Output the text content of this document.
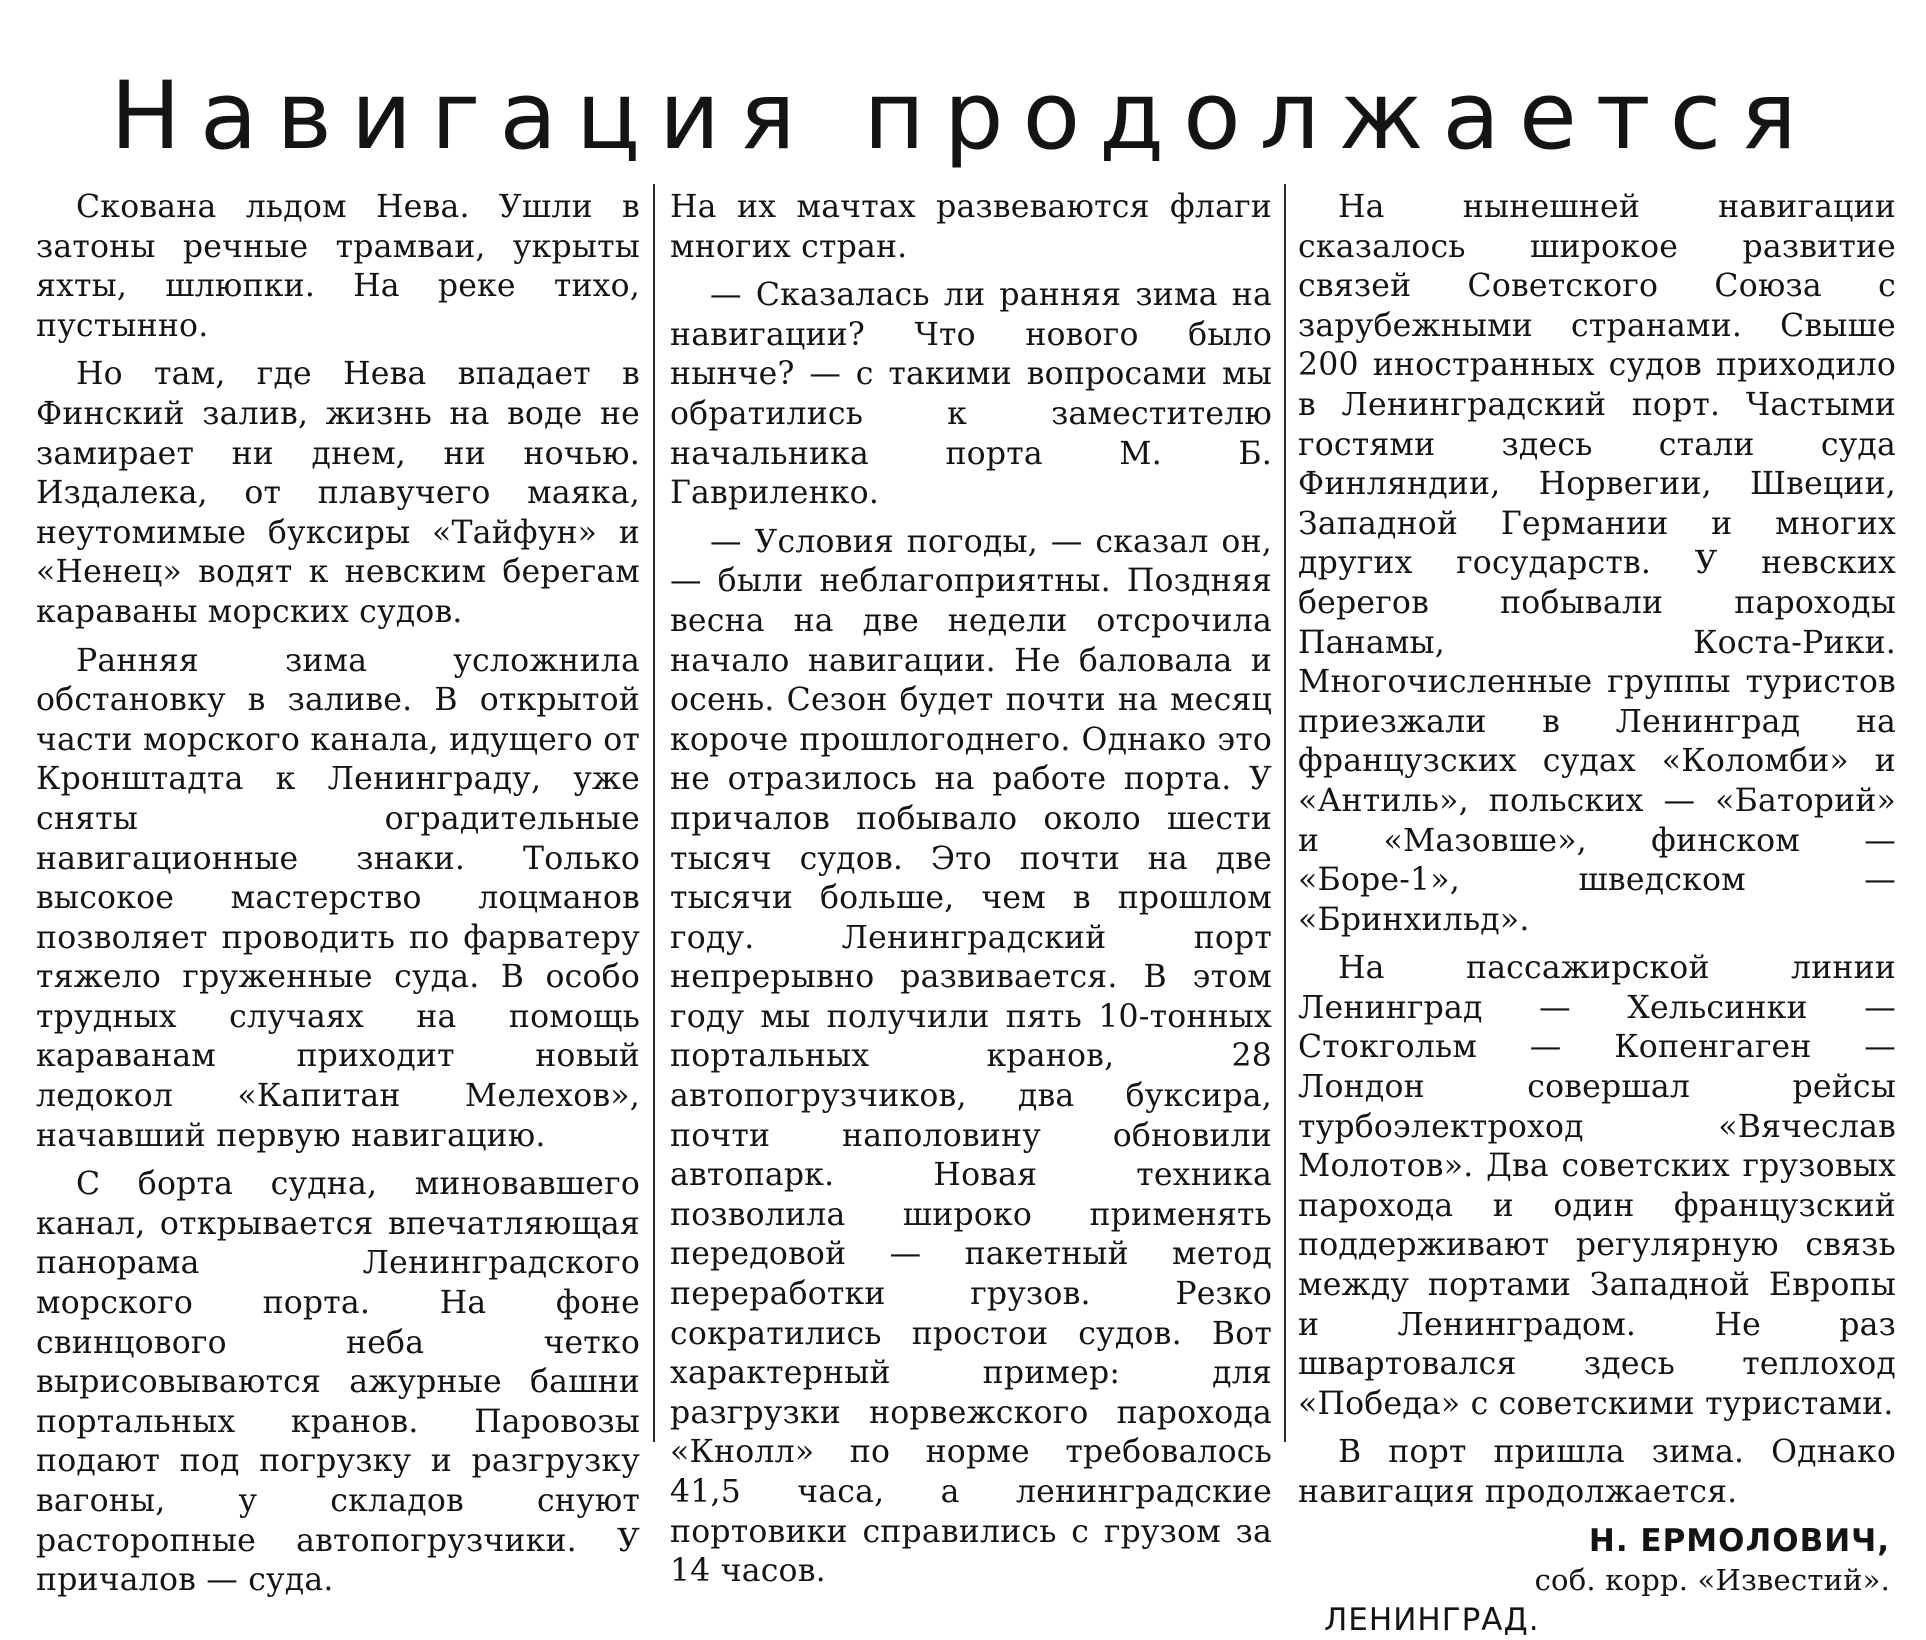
Навигация продолжается

Скована льдом Нева. Ушли в затоны речные трамваи, укрыты яхты, шлюпки. На реке тихо, пустынно.

Но там, где Нева впадает в Финский залив, жизнь на воде не замирает ни днем, ни ночью. Издалека, от плавучего маяка, неутомимые буксиры «Тайфун» и «Ненец» водят к невским берегам караваны морских судов.

Ранняя зима усложнила обстановку в заливе. В открытой части морского канала, идущего от Кронштадта к Ленинграду, уже сняты оградительные навигационные знаки. Только высокое мастерство лоцманов позволяет проводить по фарватеру тяжело груженные суда. В особо трудных случаях на помощь караванам приходит новый ледокол «Капитан Мелехов», начавший первую навигацию.

С борта судна, миновавшего канал, открывается впечатляющая панорама Ленинградского морского порта. На фоне свинцового неба четко вырисовываются ажурные башни портальных кранов. Паровозы подают под погрузку и разгрузку вагоны, у складов снуют расторопные автопогрузчики. У причалов — суда.

На их мачтах развеваются флаги многих стран.

— Сказалась ли ранняя зима на навигации? Что нового было нынче? — с такими вопросами мы обратились к заместителю начальника порта М. Б. Гавриленко.

— Условия погоды, — сказал он, — были неблагоприятны. Поздняя весна на две недели отсрочила начало навигации. Не баловала и осень. Сезон будет почти на месяц короче прошлогоднего. Однако это не отразилось на работе порта. У причалов побывало около шести тысяч судов. Это почти на две тысячи больше, чем в прошлом году. Ленинградский порт непрерывно развивается. В этом году мы получили пять 10-тонных портальных кранов, 28 автопогрузчиков, два буксира, почти наполовину обновили автопарк. Новая техника позволила широко применять передовой — пакетный метод переработки грузов. Резко сократились простои судов. Вот характерный пример: для разгрузки норвежского парохода «Кнолл» по норме требовалось 41,5 часа, а ленинградские портовики справились с грузом за 14 часов.

На нынешней навигации сказалось широкое развитие связей Советского Союза с зарубежными странами. Свыше 200 иностранных судов приходило в Ленинградский порт. Частыми гостями здесь стали суда Финляндии, Норвегии, Швеции, Западной Германии и многих других государств. У невских берегов побывали пароходы Панамы, Коста-Рики. Многочисленные группы туристов приезжали в Ленинград на французских судах «Коломби» и «Антиль», польских — «Баторий» и «Мазовше», финском — «Боре-1», шведском — «Бринхильд».

На пассажирской линии Ленинград — Хельсинки — Стокгольм — Копенгаген — Лондон совершал рейсы турбоэлектроход «Вячеслав Молотов». Два советских грузовых парохода и один французский поддерживают регулярную связь между портами Западной Европы и Ленинградом. Не раз швартовался здесь теплоход «Победа» с советскими туристами.

В порт пришла зима. Однако навигация продолжается.

Н. ЕРМОЛОВИЧ,
соб. корр. «Известий».
ЛЕНИНГРАД.
